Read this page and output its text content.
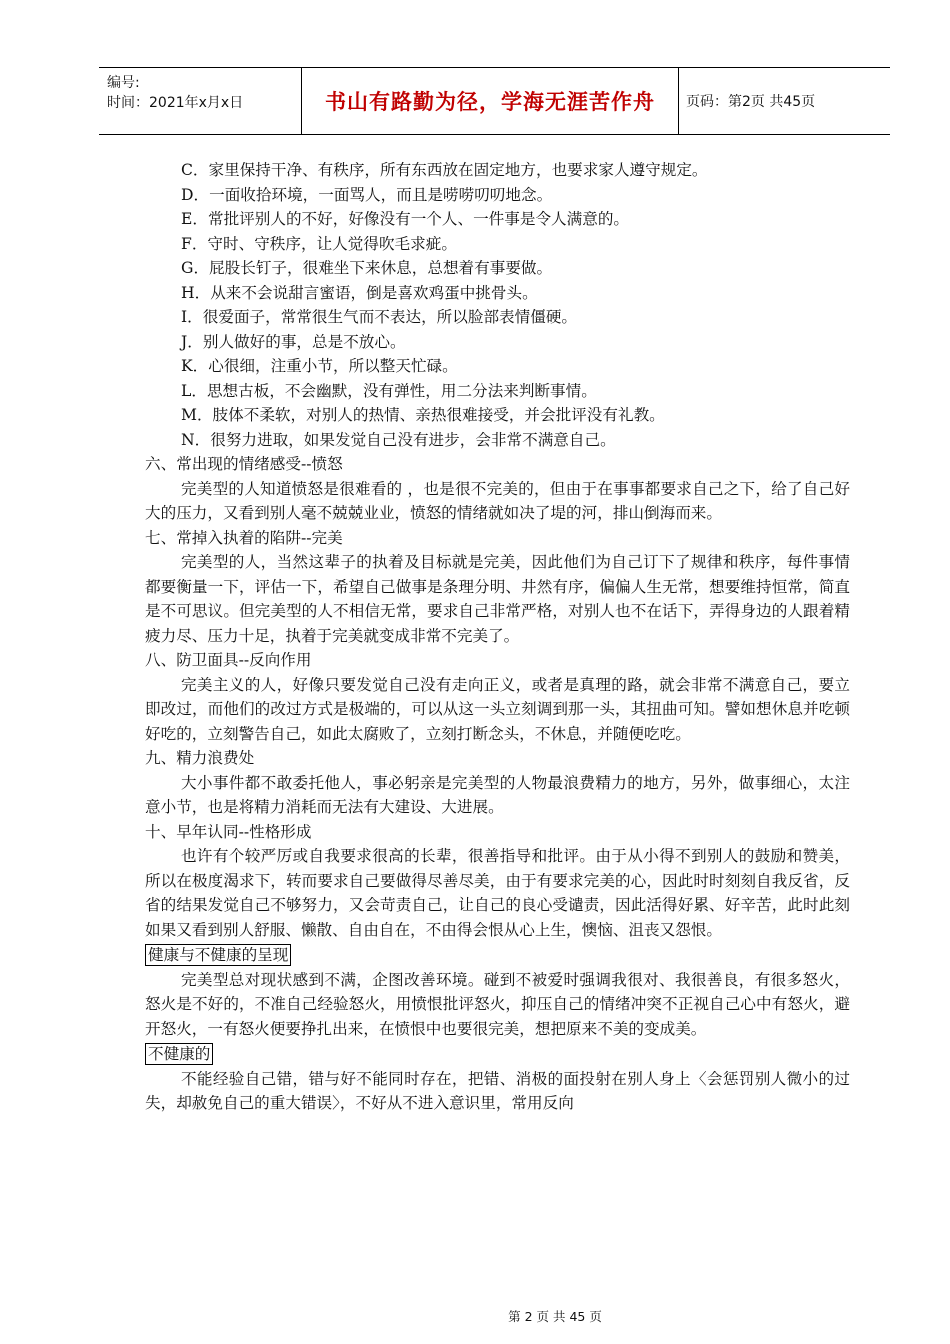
编号:
时间：2021年x月x日	书山有路勤为径，学海无涯苦作舟	页码：第2页 共45页

C．家里保持干净、有秩序，所有东西放在固定地方，也要求家人遵守规定。

D．一面收拾环境，一面骂人，而且是唠唠叨叨地念。

E．常批评别人的不好，好像没有一个人、一件事是令人满意的。

F．守时、守秩序，让人觉得吹毛求疵。

G．屁股长钉子，很难坐下来休息，总想着有事要做。

H．从来不会说甜言蜜语，倒是喜欢鸡蛋中挑骨头。

I．很爱面子，常常很生气而不表达，所以脸部表情僵硬。

J．别人做好的事，总是不放心。

K．心很细，注重小节，所以整天忙碌。

L．思想古板，不会幽默，没有弹性，用二分法来判断事情。

M．肢体不柔软，对别人的热情、亲热很难接受，并会批评没有礼教。

N．很努力进取，如果发觉自己没有进步，会非常不满意自己。

六、常出现的情绪感受--愤怒

完美型的人知道愤怒是很难看的 ，也是很不完美的，但由于在事事都要求自己之下，给了自己好大的压力，又看到别人毫不兢兢业业，愤怒的情绪就如决了堤的河，排山倒海而来。

七、常掉入执着的陷阱--完美

完美型的人，当然这辈子的执着及目标就是完美，因此他们为自己订下了规律和秩序，每件事情都要衡量一下，评估一下，希望自己做事是条理分明、井然有序，偏偏人生无常，想要维持恒常，简直是不可思议。但完美型的人不相信无常，要求自己非常严格，对别人也不在话下，弄得身边的人跟着精疲力尽、压力十足，执着于完美就变成非常不完美了。

八、防卫面具--反向作用

完美主义的人，好像只要发觉自己没有走向正义，或者是真理的路，就会非常不满意自己，要立即改过，而他们的改过方式是极端的，可以从这一头立刻调到那一头，其扭曲可知。譬如想休息并吃顿好吃的，立刻警告自己，如此太腐败了，立刻打断念头，不休息，并随便吃吃。

九、精力浪费处

大小事件都不敢委托他人，事必躬亲是完美型的人物最浪费精力的地方，另外，做事细心，太注意小节，也是将精力消耗而无法有大建设、大进展。

十、早年认同--性格形成

也许有个较严厉或自我要求很高的长辈，很善指导和批评。由于从小得不到别人的鼓励和赞美，所以在极度渴求下，转而要求自己要做得尽善尽美，由于有要求完美的心，因此时时刻刻自我反省，反省的结果发觉自己不够努力，又会苛责自己，让自己的良心受谴责，因此活得好累、好辛苦，此时此刻如果又看到别人舒服、懒散、自由自在，不由得会恨从心上生，懊恼、沮丧又怨恨。

健康与不健康的呈现

完美型总对现状感到不满，企图改善环境。碰到不被爱时强调我很对、我很善良，有很多怒火，怒火是不好的，不准自己经验怒火，用愤恨批评怒火，抑压自己的情绪冲突不正视自己心中有怒火，避开怒火，一有怒火便要挣扎出来，在愤恨中也要很完美，想把原来不美的变成美。

不健康的

不能经验自己错，错与好不能同时存在，把错、消极的面投射在别人身上〈会惩罚别人微小的过失，却赦免自己的重大错误〉，不好从不进入意识里，常用反向

第 2 页 共 45 页
